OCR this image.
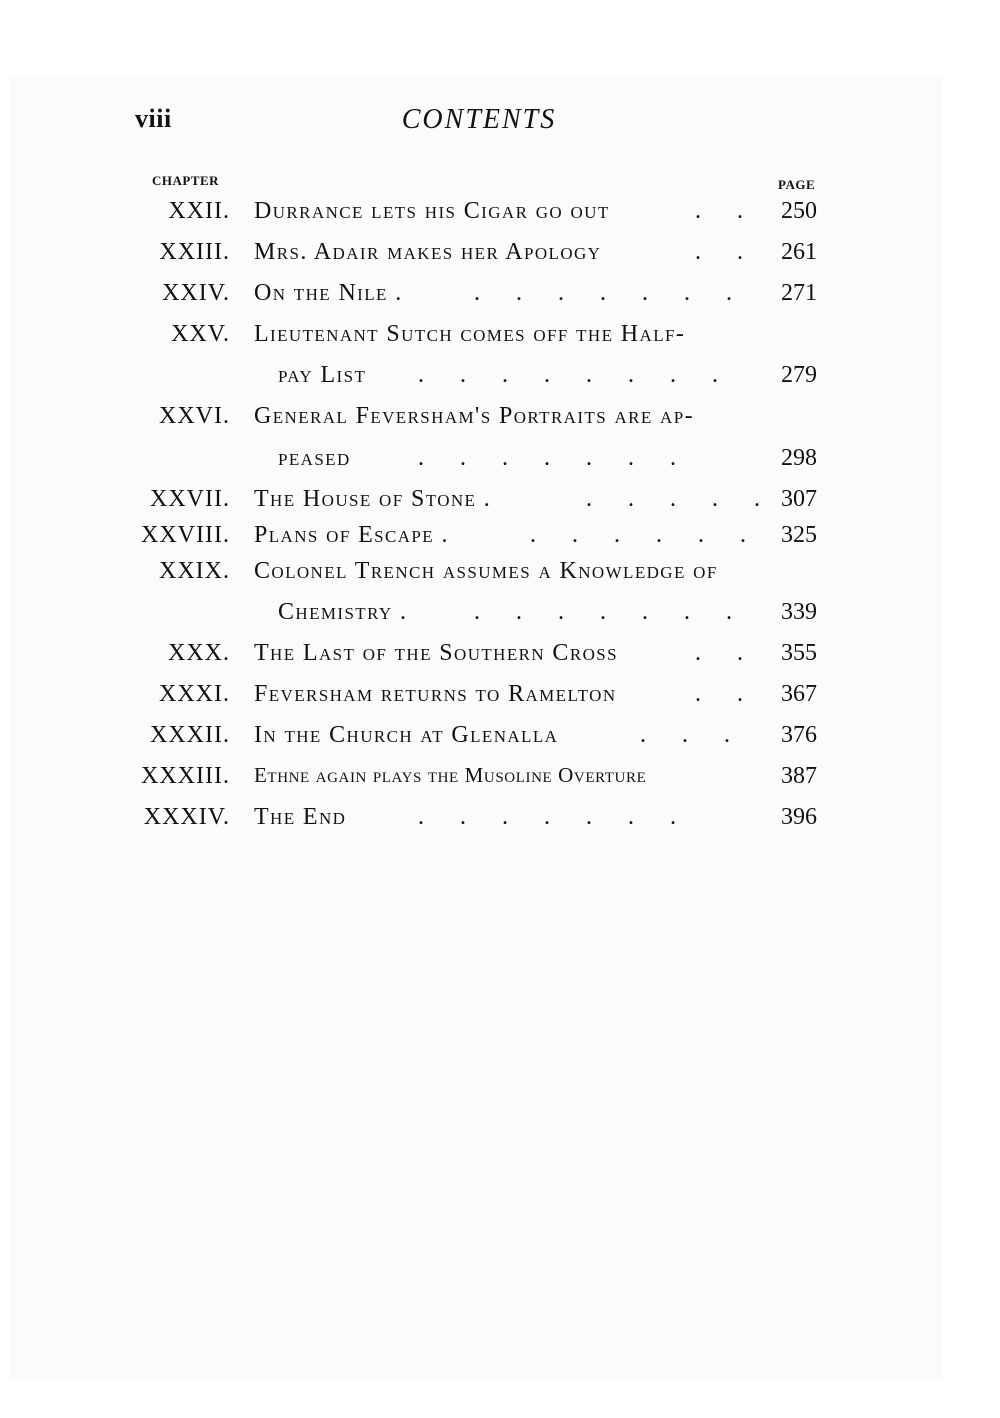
viii	CONTENTS
CHAPTER	PAGE
XXII. Durrance lets his Cigar go out	.      . 250
XXIII. Mrs. Adair makes her Apology	.      . 261
XXIV. On the Nile .	.      .      .      .      .      .      . 271
XXV. Lieutenant Sutch comes off the Half-
pay List .      .      .      .      .      .      .      .	279
XXVI. General Feversham's Portraits are ap-
peased	.      .      .      .      .      .      .	298
XXVII. The House of Stone .	.      .      .      .      . 307
XXVIII. Plans of Escape .	.      .      .      .      .      . 325
XXIX. Colonel Trench assumes a Knowledge of
Chemistry .	.      .      .      .      .      .      . 339
XXX. The Last of the Southern Cross	.      . 355
XXXI. Feversham returns to Ramelton	.      . 367
XXXII. In the Church at Glenalla	.      .      . 376
XXXIII. Ethne again plays the Musoline Overture	387
XXXIV. The End	.      .      .      .      .      .      .	396
